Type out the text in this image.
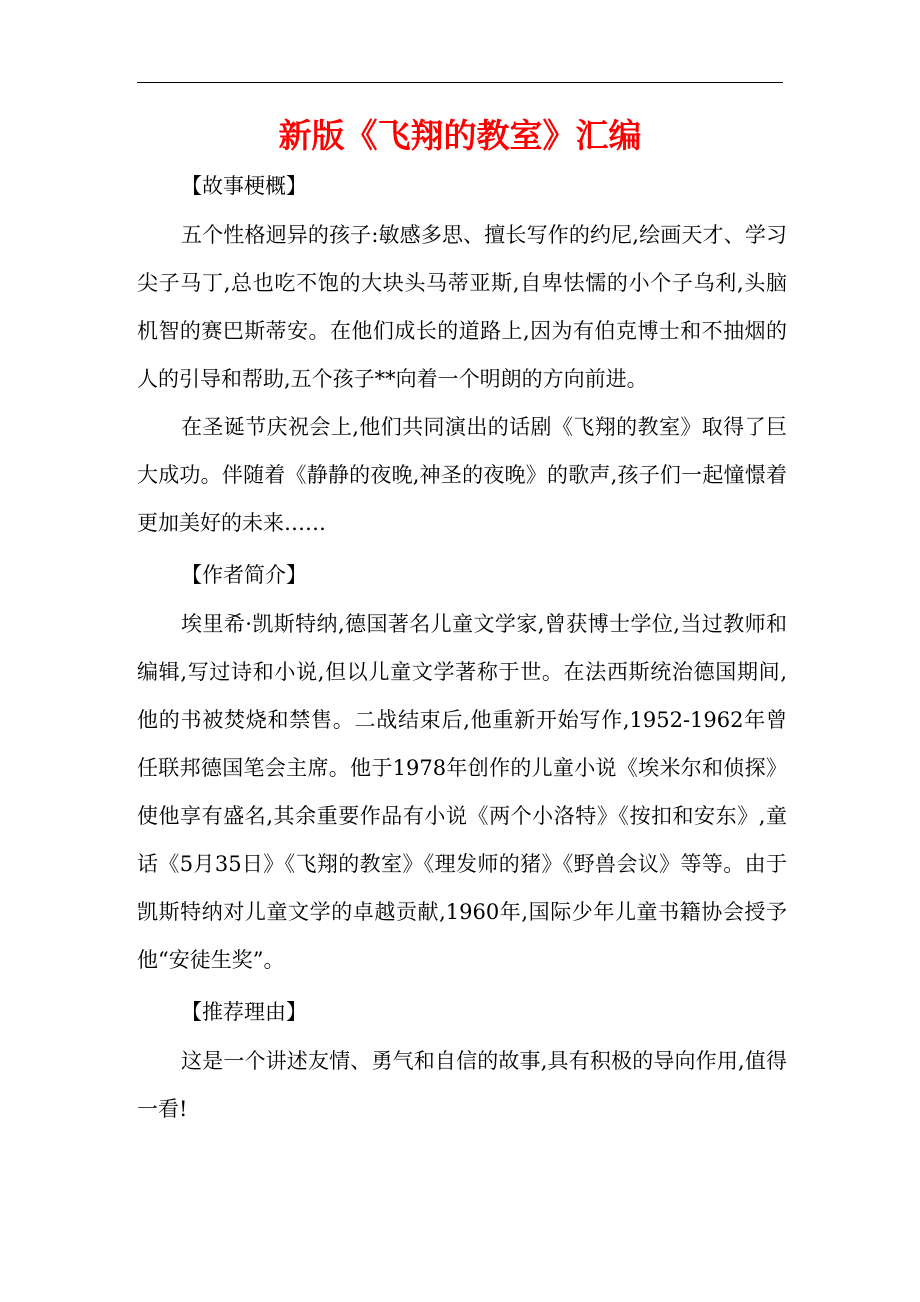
新版《飞翔的教室》汇编
【故事梗概】

五个性格迥异的孩子:敏感多思、擅长写作的约尼,绘画天才、学习尖子马丁,总也吃不饱的大块头马蒂亚斯,自卑怯懦的小个子乌利,头脑机智的赛巴斯蒂安。在他们成长的道路上,因为有伯克博士和不抽烟的人的引导和帮助,五个孩子**向着一个明朗的方向前进。

在圣诞节庆祝会上,他们共同演出的话剧《飞翔的教室》取得了巨大成功。伴随着《静静的夜晚,神圣的夜晚》的歌声,孩子们一起憧憬着更加美好的未来……

【作者简介】

埃里希·凯斯特纳,德国著名儿童文学家,曾获博士学位,当过教师和编辑,写过诗和小说,但以儿童文学著称于世。在法西斯统治德国期间,他的书被焚烧和禁售。二战结束后,他重新开始写作,1952-1962年曾任联邦德国笔会主席。他于1978年创作的儿童小说《埃米尔和侦探》使他享有盛名,其余重要作品有小说《两个小洛特》《按扣和安东》,童话《5月35日》《飞翔的教室》《理发师的猪》《野兽会议》等等。由于凯斯特纳对儿童文学的卓越贡献,1960年,国际少年儿童书籍协会授予他“安徒生奖”。

【推荐理由】

这是一个讲述友情、勇气和自信的故事,具有积极的导向作用,值得一看!
